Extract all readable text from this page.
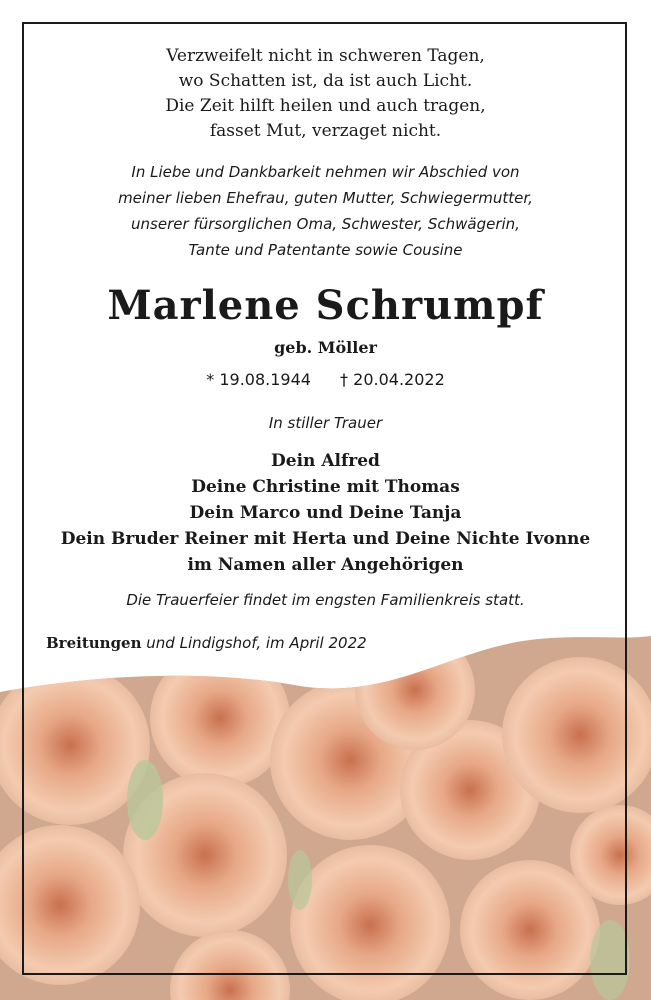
Verzweifelt nicht in schweren Tagen,
wo Schatten ist, da ist auch Licht.
Die Zeit hilft heilen und auch tragen,
fasset Mut, verzaget nicht.

In Liebe und Dankbarkeit nehmen wir Abschied von
meiner lieben Ehefrau, guten Mutter, Schwiegermutter,
unserer fürsorglichen Oma, Schwester, Schwägerin,
Tante und Patentante sowie Cousine

Marlene Schrumpf

geb. Möller

* 19.08.1944 † 20.04.2022

In stiller Trauer

Dein Alfred
Deine Christine mit Thomas
Dein Marco und Deine Tanja
Dein Bruder Reiner mit Herta und Deine Nichte Ivonne
im Namen aller Angehörigen

Die Trauerfeier findet im engsten Familienkreis statt.

Breitungen und Lindigshof, im April 2022
